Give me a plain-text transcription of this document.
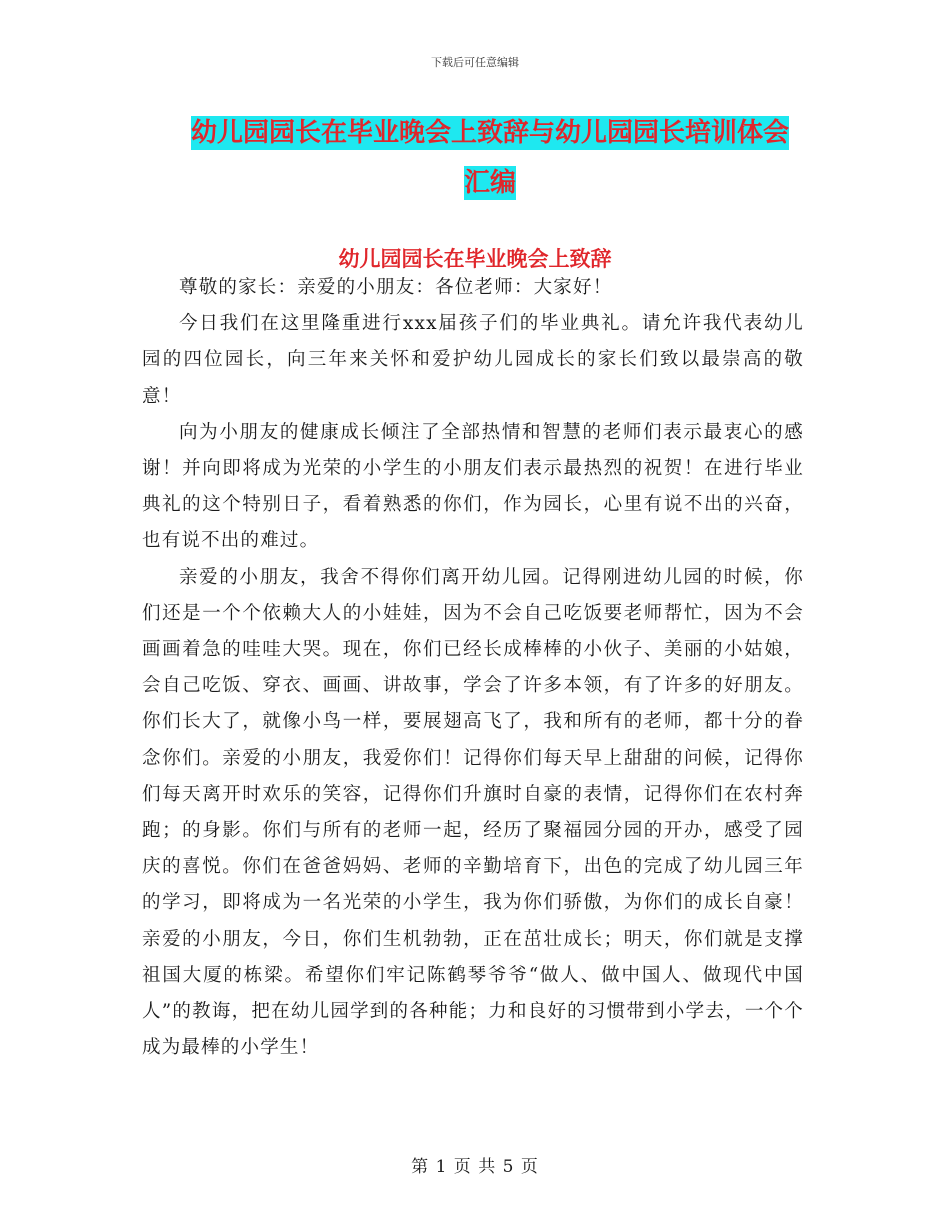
下载后可任意编辑
幼儿园园长在毕业晚会上致辞与幼儿园园长培训体会
汇编
幼儿园园长在毕业晚会上致辞

尊敬的家长：亲爱的小朋友：各位老师：大家好！

今日我们在这里隆重进行xxx届孩子们的毕业典礼。请允许我代表幼儿园的四位园长，向三年来关怀和爱护幼儿园成长的家长们致以最崇高的敬意！

向为小朋友的健康成长倾注了全部热情和智慧的老师们表示最衷心的感谢！并向即将成为光荣的小学生的小朋友们表示最热烈的祝贺！在进行毕业典礼的这个特别日子，看着熟悉的你们，作为园长，心里有说不出的兴奋，也有说不出的难过。

亲爱的小朋友，我舍不得你们离开幼儿园。记得刚进幼儿园的时候，你们还是一个个依赖大人的小娃娃，因为不会自己吃饭要老师帮忙，因为不会画画着急的哇哇大哭。现在，你们已经长成棒棒的小伙子、美丽的小姑娘，会自己吃饭、穿衣、画画、讲故事，学会了许多本领，有了许多的好朋友。你们长大了，就像小鸟一样，要展翅高飞了，我和所有的老师，都十分的眷念你们。亲爱的小朋友，我爱你们！记得你们每天早上甜甜的问候，记得你们每天离开时欢乐的笑容，记得你们升旗时自豪的表情，记得你们在农村奔跑；的身影。你们与所有的老师一起，经历了聚福园分园的开办，感受了园庆的喜悦。你们在爸爸妈妈、老师的辛勤培育下，出色的完成了幼儿园三年的学习，即将成为一名光荣的小学生，我为你们骄傲，为你们的成长自豪！亲爱的小朋友，今日，你们生机勃勃，正在茁壮成长；明天，你们就是支撑祖国大厦的栋梁。希望你们牢记陈鹤琴爷爷“做人、做中国人、做现代中国人”的教诲，把在幼儿园学到的各种能；力和良好的习惯带到小学去，一个个成为最棒的小学生！

第 1 页 共 5 页
